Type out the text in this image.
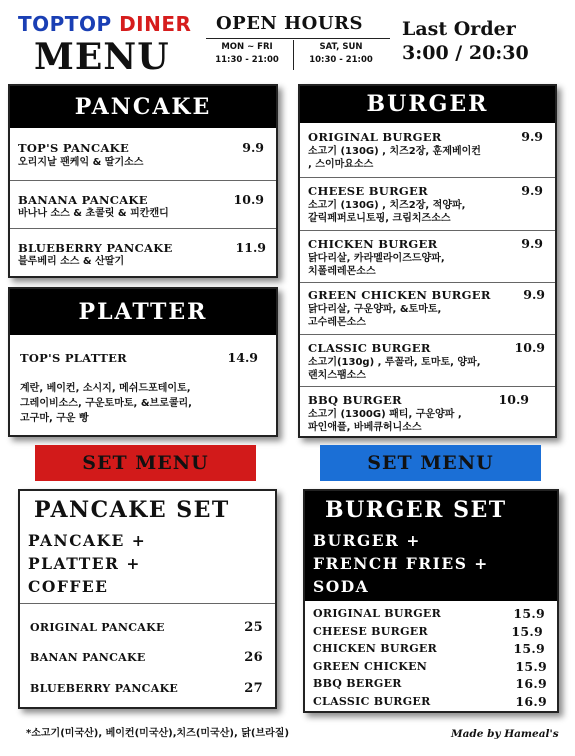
TOPTOP DINER
MENU
OPEN HOURS
MON ~ FRI
11:30 - 21:00
SAT, SUN
10:30 - 21:00
Last Order
3:00 / 20:30
PANCAKE
TOP'S PANCAKE	9.9
오리지날 팬케익 & 딸기소스
BANANA PANCAKE	10.9
바나나 소스 & 초콜릿 & 피칸캔디
BLUEBERRY PANCAKE	11.9
블루베리 소스 & 산딸기
PLATTER
TOP'S PLATTER	14.9
계란, 베이컨, 소시지, 메쉬드포테이토,
그레이비소스, 구운토마토, &브로콜리,
고구마, 구운 빵
BURGER
ORIGINAL BURGER	9.9
소고기 (130G) , 치즈2장, 훈제베이컨
, 스이마요소스
CHEESE BURGER	9.9
소고기 (130G) , 치즈2장, 적양파,
갈릭페퍼로니토핑, 크림치즈소스
CHICKEN BURGER	9.9
닭다리살, 카라멜라이즈드양파,
치폴레레몬소스
GREEN CHICKEN BURGER	9.9
닭다리살, 구운양파, &토마토,
고수레몬소스
CLASSIC BURGER	10.9
소고기(130g) , 루꼴라, 토마토, 양파,
랜치스팸소스
BBQ BURGER	10.9
소고기 (1300G) 패티, 구운양파 ,
파인애플, 바베큐허니소스
SET MENU	SET MENU
PANCAKE SET
PANCAKE +
PLATTER +
COFFEE
ORIGINAL PANCAKE	25
BANAN PANCAKE	26
BLUEBERRY PANCAKE	27
BURGER SET
BURGER +
FRENCH FRIES +
SODA
ORIGINAL BURGER	15.9
CHEESE BURGER	15.9
CHICKEN BURGER	15.9
GREEN CHICKEN	15.9
BBQ BERGER	16.9
CLASSIC BURGER	16.9
*소고기(미국산), 베이컨(미국산),치즈(미국산), 닭(브라질)	Made by Hameal's
